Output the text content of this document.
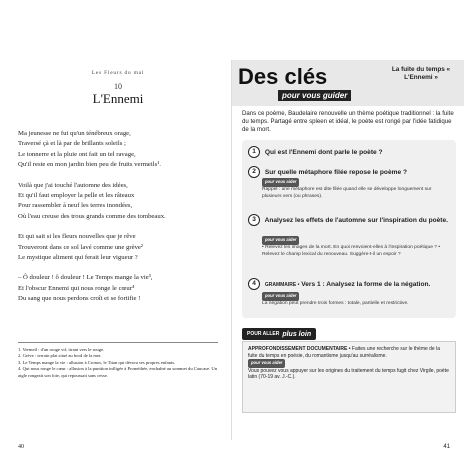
Les Fleurs du mal
10
L'Ennemi
Ma jeunesse ne fut qu'un ténébreux orage,
Traversé çà et là par de brillants soleils ;
Le tonnerre et la pluie ont fait un tel ravage,
Qu'il reste en mon jardin bien peu de fruits vermeils¹.
Voilà que j'ai touché l'automne des idées,
Et qu'il faut employer la pelle et les râteaux
Pour rassembler à neuf les terres inondées,
Où l'eau creuse des trous grands comme des tombeaux.
Et qui sait si les fleurs nouvelles que je rêve
Trouveront dans ce sol lavé comme une grève²
Le mystique aliment qui ferait leur vigueur ?
– Ô douleur ! ô douleur ! Le Temps mange la vie³,
Et l'obscur Ennemi qui nous ronge le cœur⁴
Du sang que nous perdons croît et se fortifie !
1. Vermeil : d'un rouge vif, tirant vers le rouge.
2. Grève : terrain plat situé au bord de la mer.
3. Le Temps mange la vie : allusion à Cronos, le Titan qui dévora ses propres enfants.
4. Qui nous ronge le cœur : allusion à la punition infligée à Prométhée, enchaîné au sommet du Caucase. Un aigle rongeait son foie, qui repoussait sans cesse.
40
Des clés
pour vous guider
La fuite du temps « L'Ennemi »
Dans ce poème, Baudelaire renouvelle un thème poétique traditionnel : la fuite du temps. Partagé entre spleen et idéal, le poète est rongé par l'idée fatidique de la mort.
1 Qui est l'Ennemi dont parle le poète ?
2 Sur quelle métaphore filée repose le poème ?
pour vous aider
Rappel : une métaphore est dite filée quand elle se développe longuement sur plusieurs vers (ou phrases).
3 Analysez les effets de l'automne sur l'inspiration du poète.
pour vous aider
• Relevez les images de la mort. En quoi renvoient-elles à l'inspiration poétique ? • Relevez le champ lexical du renouveau. Suggère-t-il un espoir ?
4 GRAMMAIRE • Vers 1 : Analysez la forme de la négation.
pour vous aider
La négation peut prendre trois formes : totale, partielle et restrictive.
POUR ALLER plus loin
APPROFONDISSEMENT DOCUMENTAIRE • Faites une recherche sur le thème de la fuite du temps en poésie, du romantisme jusqu'au surréalisme.
pour vous aider
Vous pouvez vous appuyer sur les origines du traitement du temps fugit chez Virgile, poète latin (70-19 av. J.-C.).
41
